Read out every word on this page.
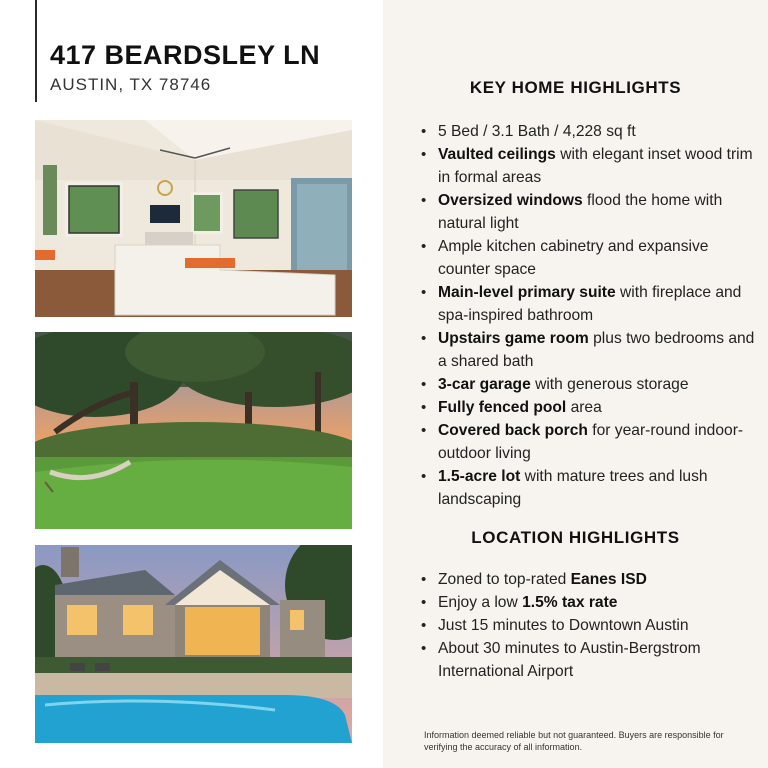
417 BEARDSLEY LN
AUSTIN, TX 78746	KEY HOME HIGHLIGHTS
• 5 Bed / 3.1 Bath / 4,228 sq ft
• Vaulted ceilings with elegant inset wood trim in formal areas
• Oversized windows flood the home with natural light
• Ample kitchen cabinetry and expansive counter space
• Main-level primary suite with fireplace and spa-inspired bathroom
• Upstairs game room plus two bedrooms and a shared bath
• 3-car garage with generous storage
• Fully fenced pool area
• Covered back porch for year-round indoor-outdoor living
• 1.5-acre lot with mature trees and lush landscaping
LOCATION HIGHLIGHTS
• Zoned to top-rated Eanes ISD
• Enjoy a low 1.5% tax rate
• Just 15 minutes to Downtown Austin
• About 30 minutes to Austin-Bergstrom International Airport
Information deemed reliable but not guaranteed. Buyers are responsible for verifying the accuracy of all information.
